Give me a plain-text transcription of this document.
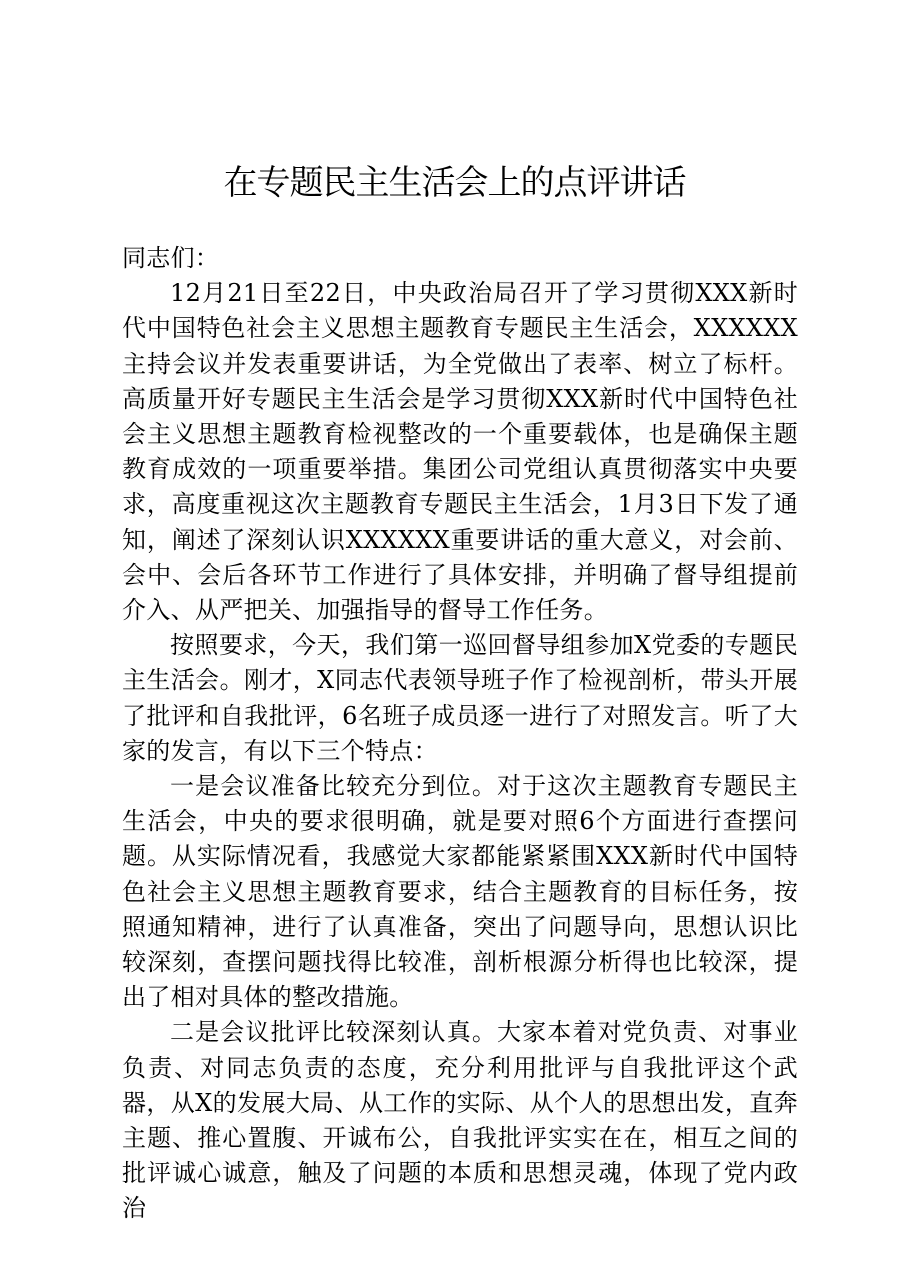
在专题民主生活会上的点评讲话

同志们：

12月21日至22日，中央政治局召开了学习贯彻XXX新时代中国特色社会主义思想主题教育专题民主生活会，XXXXXX主持会议并发表重要讲话，为全党做出了表率、树立了标杆。高质量开好专题民主生活会是学习贯彻XXX新时代中国特色社会主义思想主题教育检视整改的一个重要载体，也是确保主题教育成效的一项重要举措。集团公司党组认真贯彻落实中央要求，高度重视这次主题教育专题民主生活会，1月3日下发了通知，阐述了深刻认识XXXXXX重要讲话的重大意义，对会前、会中、会后各环节工作进行了具体安排，并明确了督导组提前介入、从严把关、加强指导的督导工作任务。

按照要求，今天，我们第一巡回督导组参加X党委的专题民主生活会。刚才，X同志代表领导班子作了检视剖析，带头开展了批评和自我批评，6名班子成员逐一进行了对照发言。听了大家的发言，有以下三个特点：

一是会议准备比较充分到位。对于这次主题教育专题民主生活会，中央的要求很明确，就是要对照6个方面进行查摆问题。从实际情况看，我感觉大家都能紧紧围XXX新时代中国特色社会主义思想主题教育要求，结合主题教育的目标任务，按照通知精神，进行了认真准备，突出了问题导向，思想认识比较深刻，查摆问题找得比较准，剖析根源分析得也比较深，提出了相对具体的整改措施。

二是会议批评比较深刻认真。大家本着对党负责、对事业负责、对同志负责的态度，充分利用批评与自我批评这个武器，从X的发展大局、从工作的实际、从个人的思想出发，直奔主题、推心置腹、开诚布公，自我批评实实在在，相互之间的批评诚心诚意，触及了问题的本质和思想灵魂，体现了党内政治
